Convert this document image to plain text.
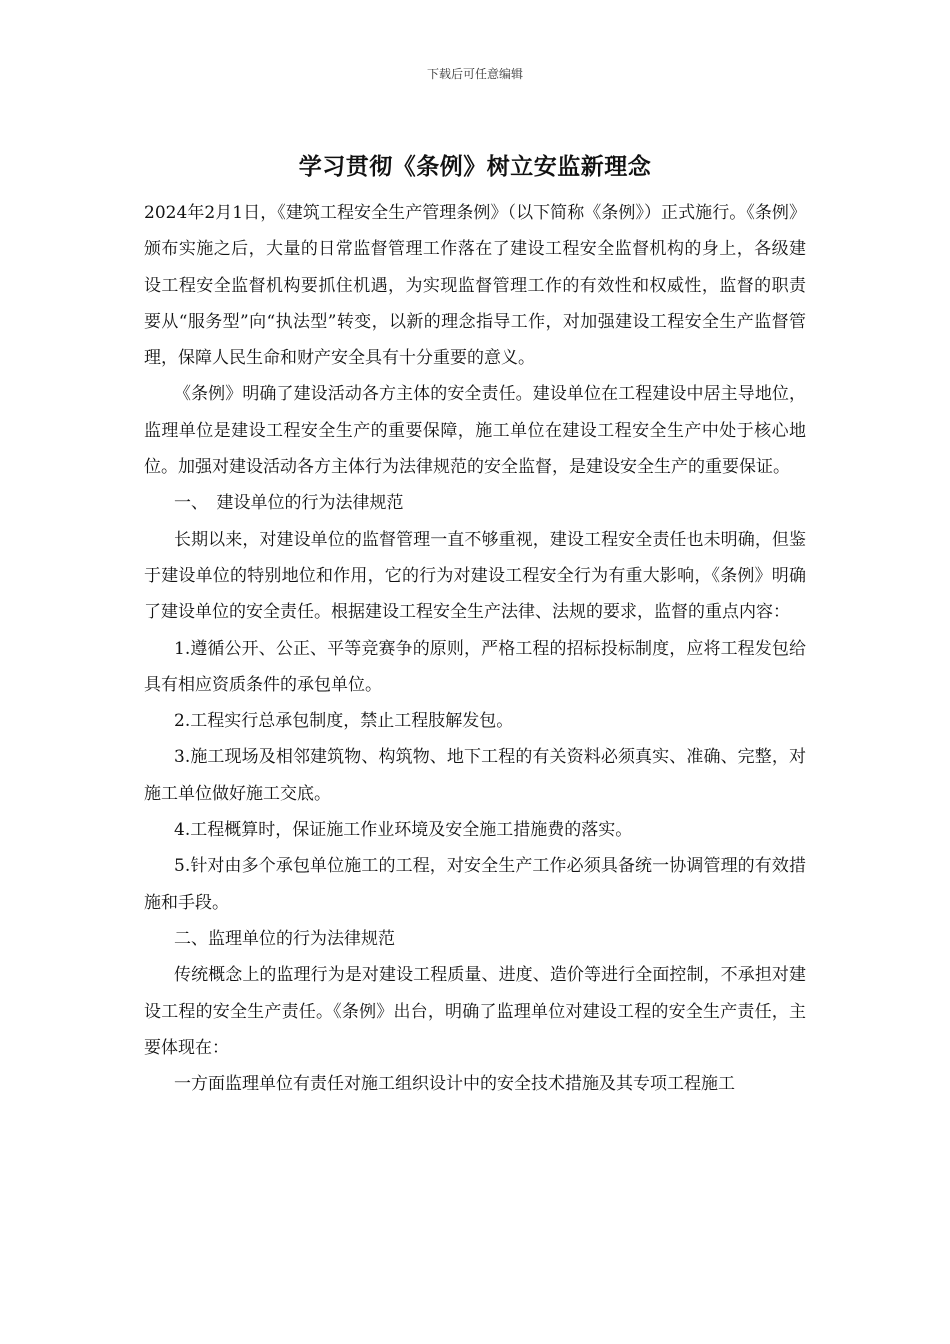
下载后可任意编辑
学习贯彻《条例》树立安监新理念

2024年2月1日，《建筑工程安全生产管理条例》（以下简称《条例》）正式施行。《条例》颁布实施之后，大量的日常监督管理工作落在了建设工程安全监督机构的身上，各级建设工程安全监督机构要抓住机遇，为实现监督管理工作的有效性和权威性，监督的职责要从“服务型”向“执法型”转变，以新的理念指导工作，对加强建设工程安全生产监督管理，保障人民生命和财产安全具有十分重要的意义。

《条例》明确了建设活动各方主体的安全责任。建设单位在工程建设中居主导地位，监理单位是建设工程安全生产的重要保障，施工单位在建设工程安全生产中处于核心地位。加强对建设活动各方主体行为法律规范的安全监督，是建设安全生产的重要保证。

一、　建设单位的行为法律规范

长期以来，对建设单位的监督管理一直不够重视，建设工程安全责任也未明确，但鉴于建设单位的特别地位和作用，它的行为对建设工程安全行为有重大影响，《条例》明确了建设单位的安全责任。根据建设工程安全生产法律、法规的要求，监督的重点内容：

1.遵循公开、公正、平等竞赛争的原则，严格工程的招标投标制度，应将工程发包给具有相应资质条件的承包单位。

2.工程实行总承包制度，禁止工程肢解发包。

3.施工现场及相邻建筑物、构筑物、地下工程的有关资料必须真实、准确、完整，对施工单位做好施工交底。

4.工程概算时，保证施工作业环境及安全施工措施费的落实。

5.针对由多个承包单位施工的工程，对安全生产工作必须具备统一协调管理的有效措施和手段。

二、监理单位的行为法律规范

传统概念上的监理行为是对建设工程质量、进度、造价等进行全面控制，不承担对建设工程的安全生产责任。《条例》出台，明确了监理单位对建设工程的安全生产责任，主要体现在：

一方面监理单位有责任对施工组织设计中的安全技术措施及其专项工程施工
